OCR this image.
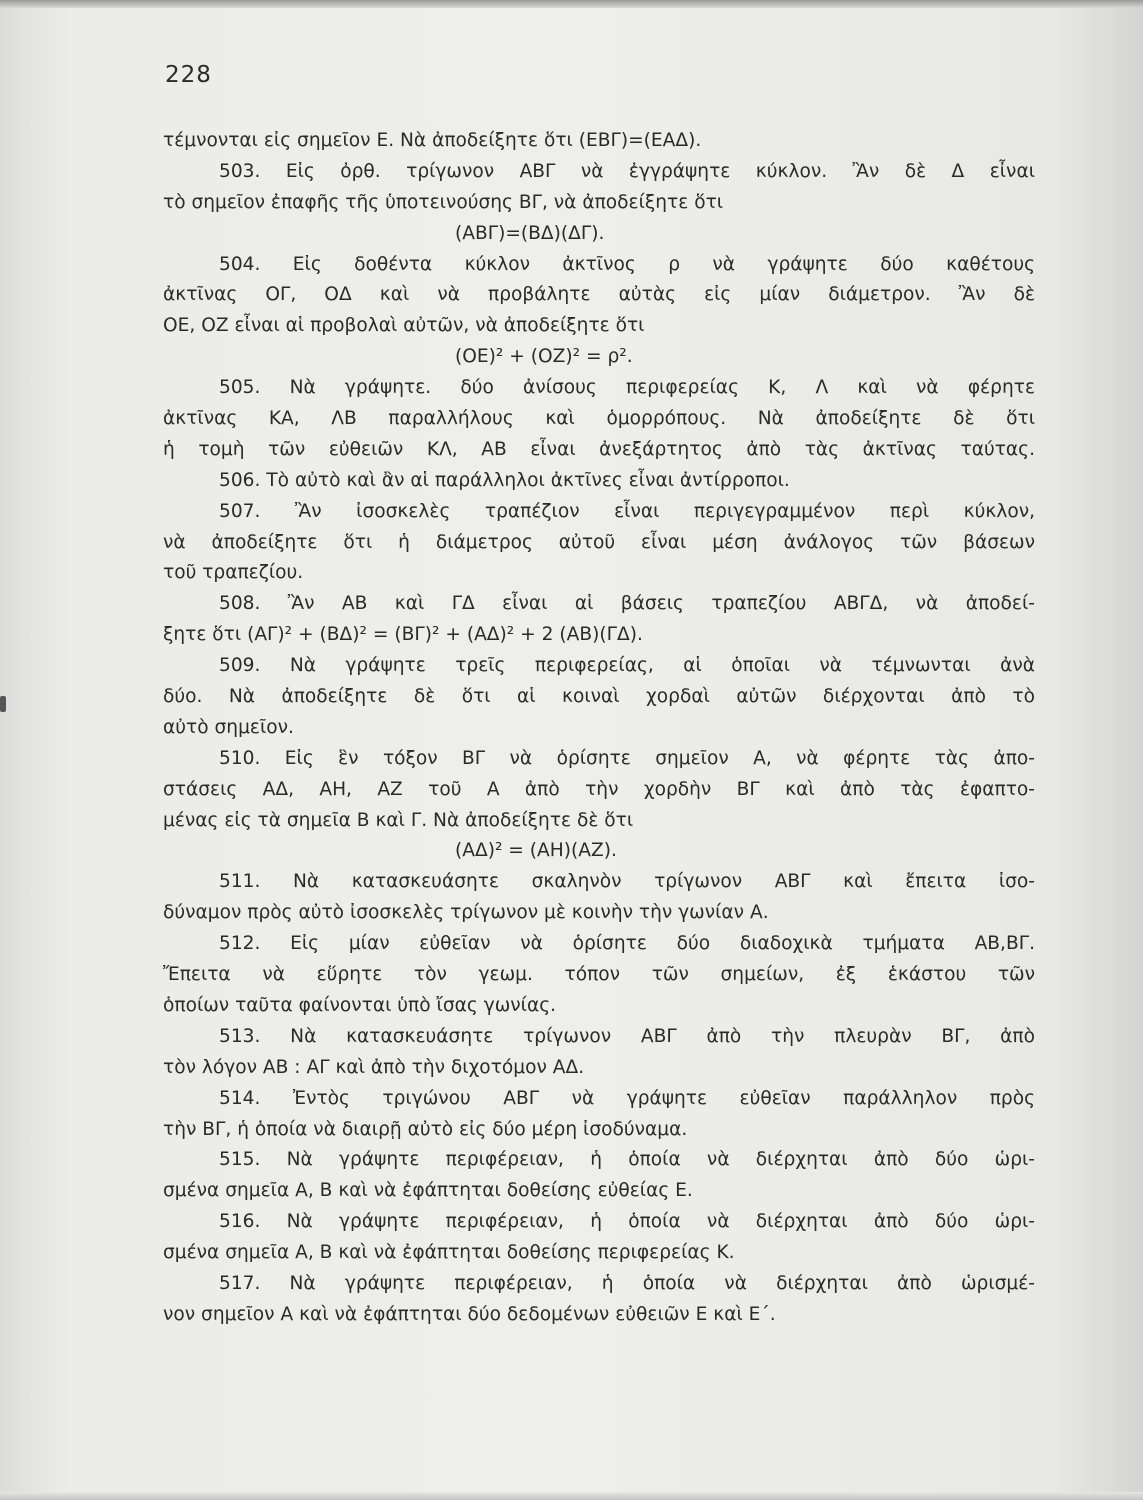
228
τέμνονται εἰς σημεῖον Ε. Νὰ ἀποδείξητε ὅτι (ΕΒΓ)=(ΕΑΔ).
503. Εἰς ὀρθ. τρίγωνον ΑΒΓ νὰ ἐγγράψητε κύκλον. Ἂν δὲ Δ εἶναι
τὸ σημεῖον ἐπαφῆς τῆς ὑποτεινούσης ΒΓ, νὰ ἀποδείξητε ὅτι
(ΑΒΓ)=(ΒΔ)(ΔΓ).
504. Εἰς δοθέντα κύκλον ἀκτῖνος ρ νὰ γράψητε δύο καθέτους
ἀκτῖνας ΟΓ, ΟΔ καὶ νὰ προβάλητε αὐτὰς εἰς μίαν διάμετρον. Ἂν δὲ
ΟΕ, ΟΖ εἶναι αἱ προβολαὶ αὐτῶν, νὰ ἀποδείξητε ὅτι
(ΟΕ)² + (ΟΖ)² = ρ².
505. Νὰ γράψητε. δύο ἀνίσους περιφερείας Κ, Λ καὶ νὰ φέρητε
ἀκτῖνας ΚΑ, ΛΒ παραλλήλους καὶ ὁμορρόπους. Νὰ ἀποδείξητε δὲ ὅτι
ἡ τομὴ τῶν εὐθειῶν ΚΛ, ΑΒ εἶναι ἀνεξάρτητος ἀπὸ τὰς ἀκτῖνας ταύτας.
506. Τὸ αὐτὸ καὶ ἂν αἱ παράλληλοι ἀκτῖνες εἶναι ἀντίρροποι.
507. Ἂν ἰσοσκελὲς τραπέζιον εἶναι περιγεγραμμένον περὶ κύκλον,
νὰ ἀποδείξητε ὅτι ἡ διάμετρος αὐτοῦ εἶναι μέση ἀνάλογος τῶν βάσεων
τοῦ τραπεζίου.
508. Ἂν ΑΒ καὶ ΓΔ εἶναι αἱ βάσεις τραπεζίου ΑΒΓΔ, νὰ ἀποδεί-
ξητε ὅτι (ΑΓ)² + (ΒΔ)² = (ΒΓ)² + (ΑΔ)² + 2 (ΑΒ)(ΓΔ).
509. Νὰ γράψητε τρεῖς περιφερείας, αἱ ὁποῖαι νὰ τέμνωνται ἀνὰ
δύο. Νὰ ἀποδείξητε δὲ ὅτι αἱ κοιναὶ χορδαὶ αὐτῶν διέρχονται ἀπὸ τὸ
αὐτὸ σημεῖον.
510. Εἰς ἓν τόξον ΒΓ νὰ ὁρίσητε σημεῖον Α, νὰ φέρητε τὰς ἀπο-
στάσεις ΑΔ, ΑΗ, ΑΖ τοῦ Α ἀπὸ τὴν χορδὴν ΒΓ καὶ ἀπὸ τὰς ἐφαπτο-
μένας εἰς τὰ σημεῖα Β καὶ Γ. Νὰ ἀποδείξητε δὲ ὅτι
(ΑΔ)² = (ΑΗ)(ΑΖ).
511. Νὰ κατασκευάσητε σκαληνὸν τρίγωνον ΑΒΓ καὶ ἔπειτα ἰσο-
δύναμον πρὸς αὐτὸ ἰσοσκελὲς τρίγωνον μὲ κοινὴν τὴν γωνίαν Α.
512. Εἰς μίαν εὐθεῖαν νὰ ὁρίσητε δύο διαδοχικὰ τμήματα ΑΒ,ΒΓ.
Ἔπειτα νὰ εὕρητε τὸν γεωμ. τόπον τῶν σημείων, ἐξ ἑκάστου τῶν
ὁποίων ταῦτα φαίνονται ὑπὸ ἴσας γωνίας.
513. Νὰ κατασκευάσητε τρίγωνον ΑΒΓ ἀπὸ τὴν πλευρὰν ΒΓ, ἀπὸ
τὸν λόγον ΑΒ : ΑΓ καὶ ἀπὸ τὴν διχοτόμον ΑΔ.
514. Ἐντὸς τριγώνου ΑΒΓ νὰ γράψητε εὐθεῖαν παράλληλον πρὸς
τὴν ΒΓ, ἡ ὁποία νὰ διαιρῇ αὐτὸ εἰς δύο μέρη ἰσοδύναμα.
515. Νὰ γράψητε περιφέρειαν, ἡ ὁποία νὰ διέρχηται ἀπὸ δύο ὡρι-
σμένα σημεῖα Α, Β καὶ νὰ ἐφάπτηται δοθείσης εὐθείας Ε.
516. Νὰ γράψητε περιφέρειαν, ἡ ὁποία νὰ διέρχηται ἀπὸ δύο ὡρι-
σμένα σημεῖα Α, Β καὶ νὰ ἐφάπτηται δοθείσης περιφερείας Κ.
517. Νὰ γράψητε περιφέρειαν, ἡ ὁποία νὰ διέρχηται ἀπὸ ὡρισμέ-
νον σημεῖον Α καὶ νὰ ἐφάπτηται δύο δεδομένων εὐθειῶν Ε καὶ Ε΄.
